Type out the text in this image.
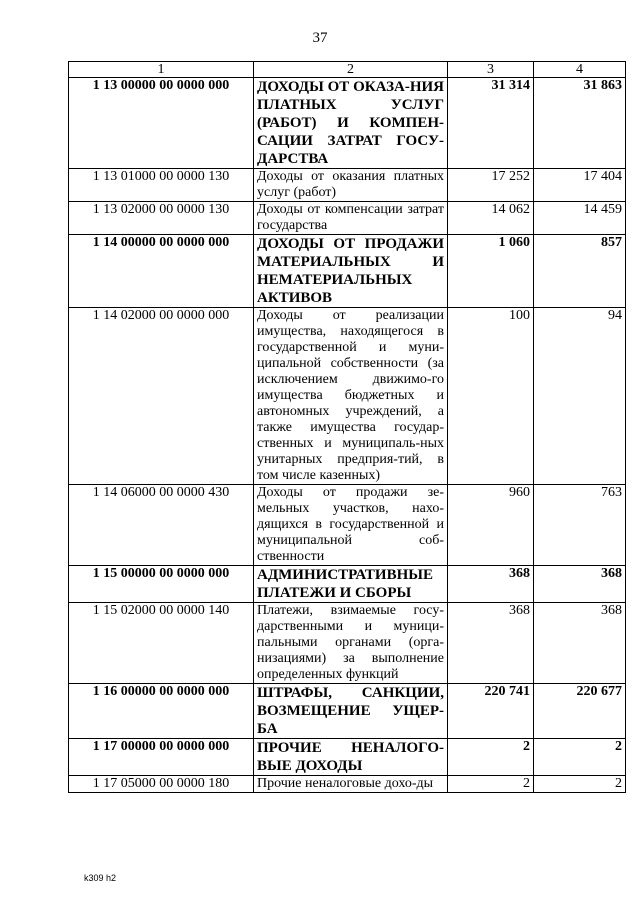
37
1	2	3	4
1 13 00000 00 0000 000	ДОХОДЫ ОТ ОКАЗА-НИЯ ПЛАТНЫХ УСЛУГ (РАБОТ) И КОМПЕН-САЦИИ ЗАТРАТ ГОСУ-ДАРСТВА	31 314	31 863
1 13 01000 00 0000 130	Доходы от оказания платных услуг (работ)	17 252	17 404
1 13 02000 00 0000 130	Доходы от компенсации затрат государства	14 062	14 459
1 14 00000 00 0000 000	ДОХОДЫ ОТ ПРОДАЖИ МАТЕРИАЛЬНЫХ И НЕМАТЕРИАЛЬНЫХ АКТИВОВ	1 060	857
1 14 02000 00 0000 000	Доходы от реализации имущества, находящегося в государственной и муни-ципальной собственности (за исключением движимо-го имущества бюджетных и автономных учреждений, а также имущества государ-ственных и муниципаль-ных унитарных предприя-тий, в том числе казенных)	100	94
1 14 06000 00 0000 430	Доходы от продажи зе-мельных участков, нахо-дящихся в государственной и муниципальной соб-ственности	960	763
1 15 00000 00 0000 000	АДМИНИСТРАТИВНЫЕ ПЛАТЕЖИ И СБОРЫ	368	368
1 15 02000 00 0000 140	Платежи, взимаемые госу-дарственными и муници-пальными органами (орга-низациями) за выполнение определенных функций	368	368
1 16 00000 00 0000 000	ШТРАФЫ, САНКЦИИ, ВОЗМЕЩЕНИЕ УЩЕР-БА	220 741	220 677
1 17 00000 00 0000 000	ПРОЧИЕ НЕНАЛОГО-ВЫЕ ДОХОДЫ	2	2
1 17 05000 00 0000 180	Прочие неналоговые дохо-ды	2	2
k309 h2
